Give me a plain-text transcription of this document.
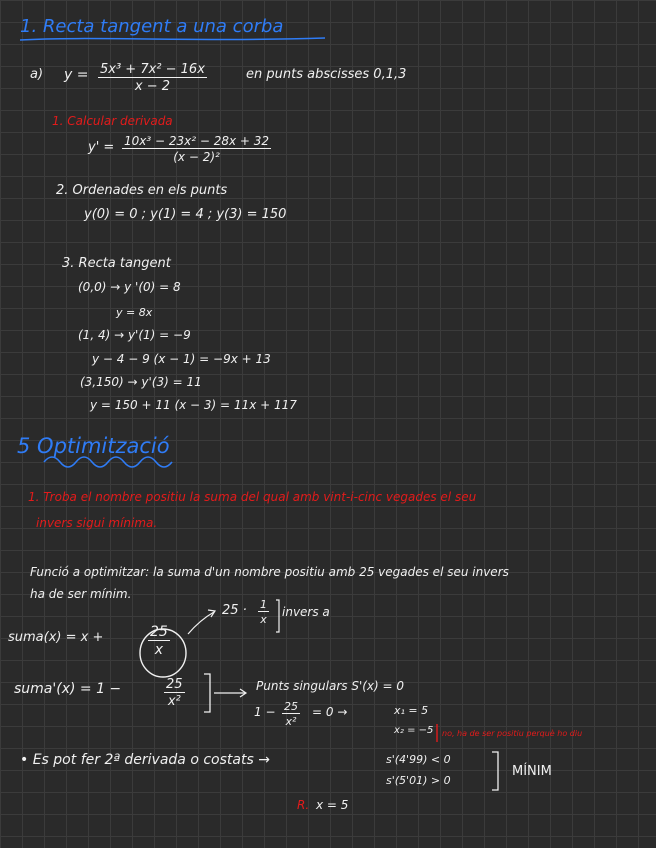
1. Recta tangent a una corba
a) $y = \frac{\text{5x³ + 7x² − 16x}}{x - 2}$	en punts abscisses 0,1,3
1. Calcular derivada
$y' = \frac{\text{10x³ − 23x² − 28x + 32}}{\text{(x − 2)²}}$
2. Ordenades en els punts
y(0) = 0 ; y(1) = 4 ; y(3) = 150
3. Recta tangent
(0,0) → y '(0) = 8
y = 8x
(1, 4) → y'(1) = −9
y − 4 − 9 (x − 1) = −9x + 13
(3,150) → y'(3) = 11
y = 150 + 11 (x − 3) = 11x + 117
5 Optimització
1. Troba el nombre positiu la suma del qual amb vint-i-cinc vegades el seu
invers sigui mínima.
Funció a optimitzar: la suma d'un nombre positiu amb 25 vegades el seu invers
ha de ser mínim.
$25 \cdot \frac{1}{x}$ invers a
suma(x) = x +	$\frac{25}{x}$
suma'(x) = 1 −	$\frac{25}{\text{x²}}$	Punts singulars S'(x) = 0
$1 - \frac{25}{\text{x²}} = 0$ →	x₁ = 5
x₂ = −5 no, ha de ser positiu perquè ho diu
• Es pot fer 2ª derivada o costats →	s'(4'99) < 0
s'(5'01) > 0
MÍNIM
R. x = 5
